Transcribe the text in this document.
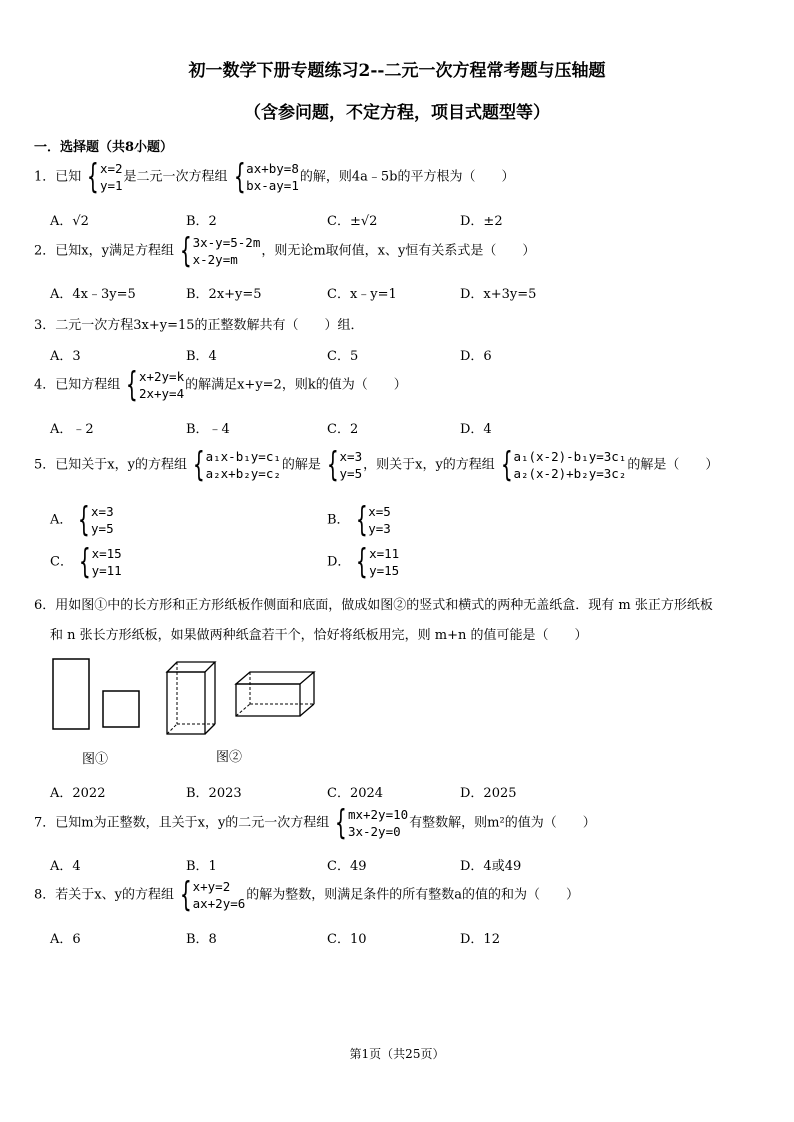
初一数学下册专题练习2--二元一次方程常考题与压轴题
（含参问题，不定方程，项目式题型等）
一．选择题（共8小题）
1．已知 { x=2
y=1
是二元一次方程组 { ax+by=8
bx-ay=1
的解，则4a﹣5b的平方根为（　　）
A．√2	B．2	C．±√2	D．±2
2．已知x，y满足方程组 { 3x-y=5-2m
x-2y=m
，则无论m取何值，x、y恒有关系式是（　　）
A．4x﹣3y=5	B．2x+y=5	C．x﹣y=1	D．x+3y=5
3．二元一次方程3x+y=15的正整数解共有（　　）组．
A．3	B．4	C．5	D．6
4．已知方程组 { x+2y=k
2x+y=4
的解满足x+y=2，则k的值为（　　）
A．﹣2	B．﹣4	C．2	D．4
5．已知关于x，y的方程组 { a₁x-b₁y=c₁
a₂x+b₂y=c₂
的解是 { x=3
y=5
，则关于x，y的方程组 { a₁(x-2)-b₁y=3c₁
a₂(x-2)+b₂y=3c₂
的解是（　　）
A． { x=3
y=5
B． { x=5
y=3
C． { x=15
y=11
D． { x=11
y=15
6．用如图①中的长方形和正方形纸板作侧面和底面，做成如图②的竖式和横式的两种无盖纸盒．现有 m 张正方形纸板
和 n 张长方形纸板，如果做两种纸盒若干个，恰好将纸板用完，则 m+n 的值可能是（　　）
图①	图②
A．2022	B．2023	C．2024	D．2025
7．已知m为正整数，且关于x，y的二元一次方程组 { mx+2y=10
3x-2y=0
有整数解，则m²的值为（　　）
A．4	B．1	C．49	D．4或49
8．若关于x、y的方程组 { x+y=2
ax+2y=6
的解为整数，则满足条件的所有整数a的值的和为（　　）
A．6	B．8	C．10	D．12
第1页（共25页）
